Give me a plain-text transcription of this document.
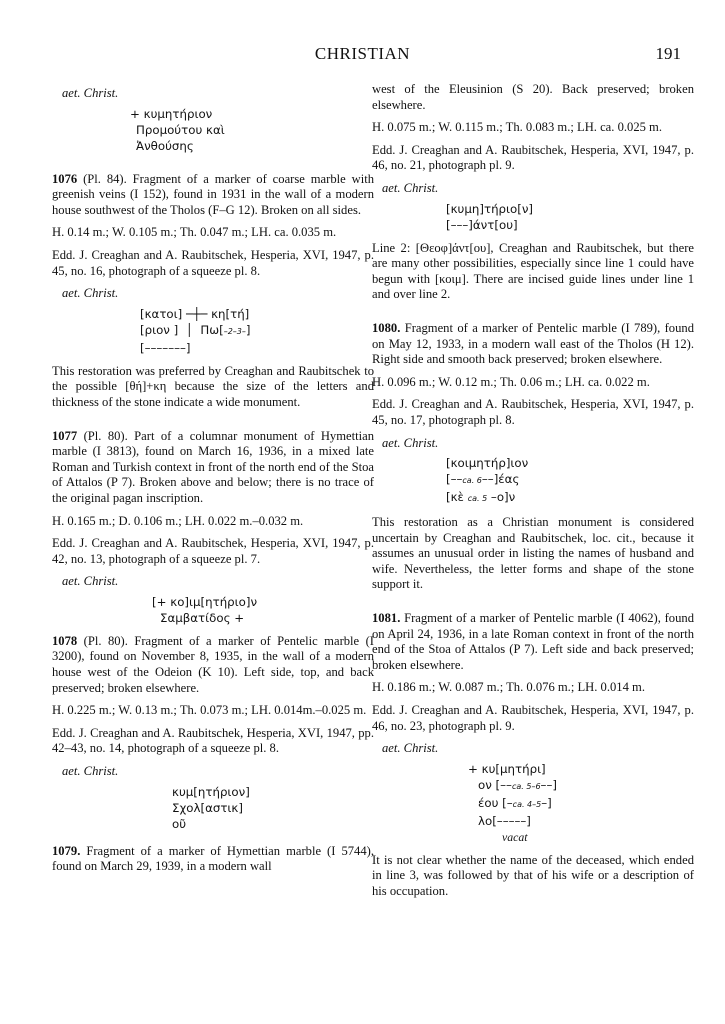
CHRISTIAN	191
aet. Christ.
+ κυμητήριον
Προμούτου καὶ
Ἀνθούσης

1076 (Pl. 84). Fragment of a marker of coarse marble with greenish veins (I 152), found in 1931 in the wall of a modern house southwest of the Tholos (F–G 12). Broken on all sides.

H. 0.14 m.; W. 0.105 m.; Th. 0.047 m.; LH. ca. 0.035 m.

Edd. J. Creaghan and A. Raubitschek, Hesperia, XVI, 1947, p. 45, no. 16, photograph of a squeeze pl. 8.

aet. Christ.
[κατοι] ─┼─ κη[τή]
[ριον ]  │  Πω[–2–3–]
[–––––––]

This restoration was preferred by Creaghan and Raubitschek to the possible [θή]+κη because the size of the letters and thickness of the stone indicate a wide monument.

1077 (Pl. 80). Part of a columnar monument of Hymettian marble (I 3813), found on March 16, 1936, in a mixed late Roman and Turkish context in front of the north end of the Stoa of Attalos (P 7). Broken above and below; there is no trace of the original pagan inscription.

H. 0.165 m.; D. 0.106 m.; LH. 0.022 m.–0.032 m.

Edd. J. Creaghan and A. Raubitschek, Hesperia, XVI, 1947, p. 42, no. 13, photograph of a squeeze pl. 7.

aet. Christ.
[+ κο]ιμ[ητήριο]ν
Σαμβατίδος +

1078 (Pl. 80). Fragment of a marker of Pentelic marble (I 3200), found on November 8, 1935, in the wall of a modern house west of the Odeion (K 10). Left side, top, and back preserved; broken elsewhere.

H. 0.225 m.; W. 0.13 m.; Th. 0.073 m.; LH. 0.014m.–0.025 m.

Edd. J. Creaghan and A. Raubitschek, Hesperia, XVI, 1947, pp. 42–43, no. 14, photograph of a squeeze pl. 8.

aet. Christ.
κυμ[ητήριον]
Σχολ[αστικ]
οῦ

1079. Fragment of a marker of Hymettian marble (I 5744), found on March 29, 1939, in a modern wall

west of the Eleusinion (S 20). Back preserved; broken elsewhere.

H. 0.075 m.; W. 0.115 m.; Th. 0.083 m.; LH. ca. 0.025 m.

Edd. J. Creaghan and A. Raubitschek, Hesperia, XVI, 1947, p. 46, no. 21, photograph pl. 9.

aet. Christ.
[κυμη]τήριο[ν]
[–––]άντ[ου]

Line 2: [Θεοφ]άντ[ου], Creaghan and Raubitschek, but there are many other possibilities, especially since line 1 could have begun with [κοιμ]. There are incised guide lines under line 1 and over line 2.

1080. Fragment of a marker of Pentelic marble (I 789), found on May 12, 1933, in a modern wall east of the Tholos (H 12). Right side and smooth back preserved; broken elsewhere.

H. 0.096 m.; W. 0.12 m.; Th. 0.06 m.; LH. ca. 0.022 m.

Edd. J. Creaghan and A. Raubitschek, Hesperia, XVI, 1947, p. 45, no. 17, photograph pl. 8.

aet. Christ.
[κοιμητήρ]ιον
[––ca. 6––]έας
[κὲ ca. 5 –ο]ν

This restoration as a Christian monument is considered uncertain by Creaghan and Raubitschek, loc. cit., because it assumes an unusual order in listing the names of husband and wife. Nevertheless, the letter forms and shape of the stone support it.

1081. Fragment of a marker of Pentelic marble (I 4062), found on April 24, 1936, in a late Roman context in front of the north end of the Stoa of Attalos (P 7). Left side and back preserved; broken elsewhere.

H. 0.186 m.; W. 0.087 m.; Th. 0.076 m.; LH. 0.014 m.

Edd. J. Creaghan and A. Raubitschek, Hesperia, XVI, 1947, p. 46, no. 23, photograph pl. 9.

aet. Christ.
+ κυ[μητήρι]
ον [––ca. 5–6––]
έου [–ca. 4–5–]
λο[–––––]
vacat

It is not clear whether the name of the deceased, which ended in line 3, was followed by that of his wife or a description of his occupation.
